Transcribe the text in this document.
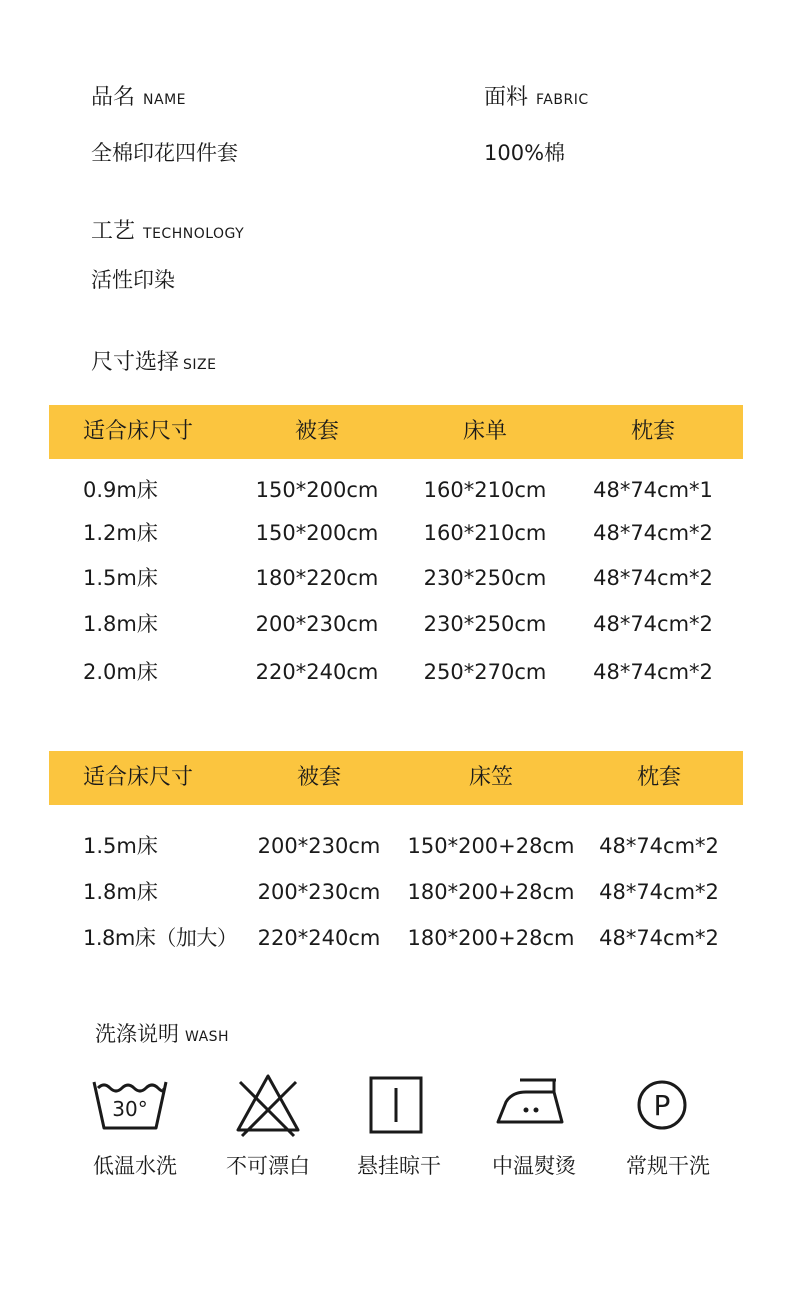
品名 NAME
全棉印花四件套
面料 FABRIC
100%棉
工艺 TECHNOLOGY
活性印染
尺寸选择 SIZE
适合床尺寸	被套	床单	枕套
0.9m床	150*200cm	160*210cm	48*74cm*1
1.2m床	150*200cm	160*210cm	48*74cm*2
1.5m床	180*220cm	230*250cm	48*74cm*2
1.8m床	200*230cm	230*250cm	48*74cm*2
2.0m床	220*240cm	250*270cm	48*74cm*2
适合床尺寸	被套	床笠	枕套
1.5m床	200*230cm	150*200+28cm	48*74cm*2
1.8m床	200*230cm	180*200+28cm	48*74cm*2
1.8m床（加大） 220*240cm	180*200+28cm	48*74cm*2
洗涤说明 WASH
30°
低温水洗	不可漂白	悬挂晾干	中温熨烫
P
常规干洗
